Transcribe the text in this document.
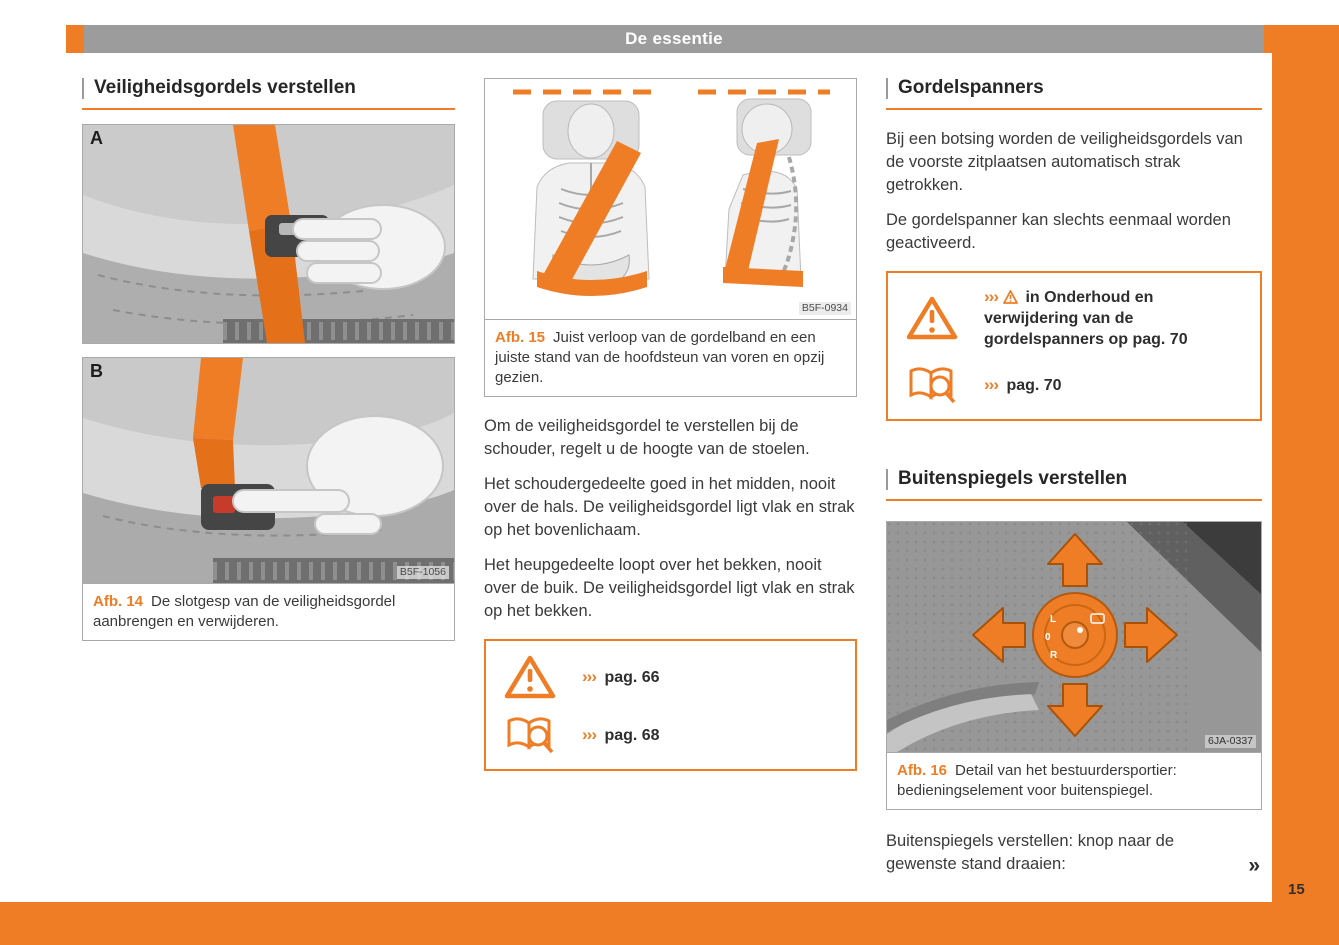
De essentie
15
Veiligheidsgordels verstellen
A
B
B5F-1056
Afb. 14 De slotgesp van de veiligheidsgordel aanbrengen en verwijderen.
B5F-0934
Afb. 15 Juist verloop van de gordelband en een juiste stand van de hoofdsteun van voren en opzij gezien.

Om de veiligheidsgordel te verstellen bij de schouder, regelt u de hoogte van de stoelen.

Het schoudergedeelte goed in het midden, nooit over de hals. De veiligheidsgordel ligt vlak en strak op het bovenlichaam.

Het heupgedeelte loopt over het bekken, nooit over de buik. De veiligheidsgordel ligt vlak en strak op het bekken.

››› pag. 66
››› pag. 68
Gordelspanners

Bij een botsing worden de veiligheidsgordels van de voorste zitplaatsen automatisch strak getrokken.

De gordelspanner kan slechts eenmaal worden geactiveerd.

››› in Onderhoud en verwijdering van de gordelspanners op pag. 70
››› pag. 70
Buitenspiegels verstellen
L
0
R
6JA-0337
Afb. 16 Detail van het bestuurdersportier: bedieningselement voor buitenspiegel.

Buitenspiegels verstellen: knop naar de gewenste stand draaien:	»
